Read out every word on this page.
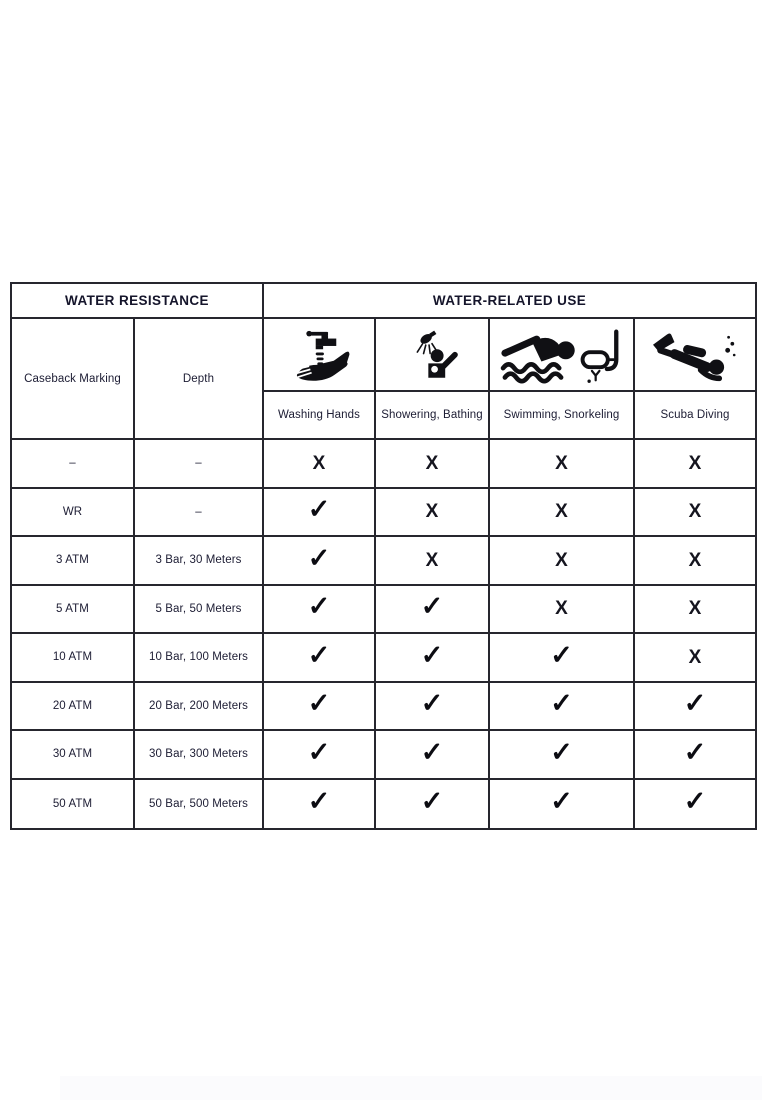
WATER RESISTANCE	WATER-RELATED USE
Caseback Marking	Depth
Washing Hands	Showering, Bathing	Swimming, Snorkeling	Scuba Diving
–	–	X	X	X	X
WR	–	✓	X	X	X
3 ATM	3 Bar, 30 Meters	✓	X	X	X
5 ATM	5 Bar, 50 Meters	✓	✓	X	X
10 ATM	10 Bar, 100 Meters	✓	✓	✓	X
20 ATM	20 Bar, 200 Meters	✓	✓	✓	✓
30 ATM	30 Bar, 300 Meters	✓	✓	✓	✓
50 ATM	50 Bar, 500 Meters	✓	✓	✓	✓
